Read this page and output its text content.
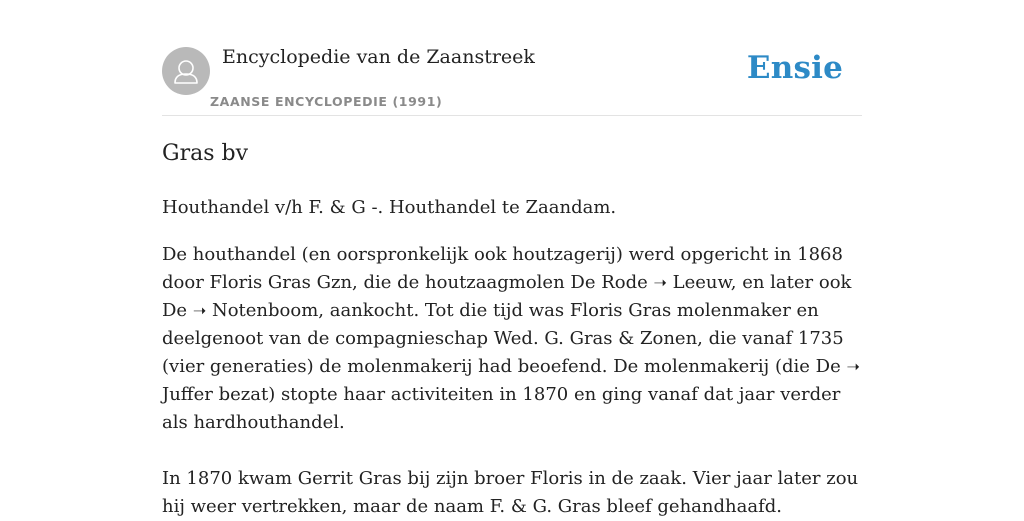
Encyclopedie van de Zaanstreek
ZAANSE ENCYCLOPEDIE (1991)
Ensie
Gras bv

Houthandel v/h F. & G -. Houthandel te Zaandam.

De houthandel (en oorspronkelijk ook houtzagerij) werd opgericht in 1868 door Floris Gras Gzn, die de houtzaagmolen De Rode ➝ Leeuw, en later ook De ➝ Notenboom, aankocht. Tot die tijd was Floris Gras molenmaker en deelgenoot van de compagnieschap Wed. G. Gras & Zonen, die vanaf 1735 (vier generaties) de molenmakerij had beoefend. De molenmakerij (die De ➝ Juffer bezat) stopte haar activiteiten in 1870 en ging vanaf dat jaar verder als hardhouthandel.

In 1870 kwam Gerrit Gras bij zijn broer Floris in de zaak. Vier jaar later zou hij weer vertrekken, maar de naam F. & G. Gras bleef gehandhaafd.
